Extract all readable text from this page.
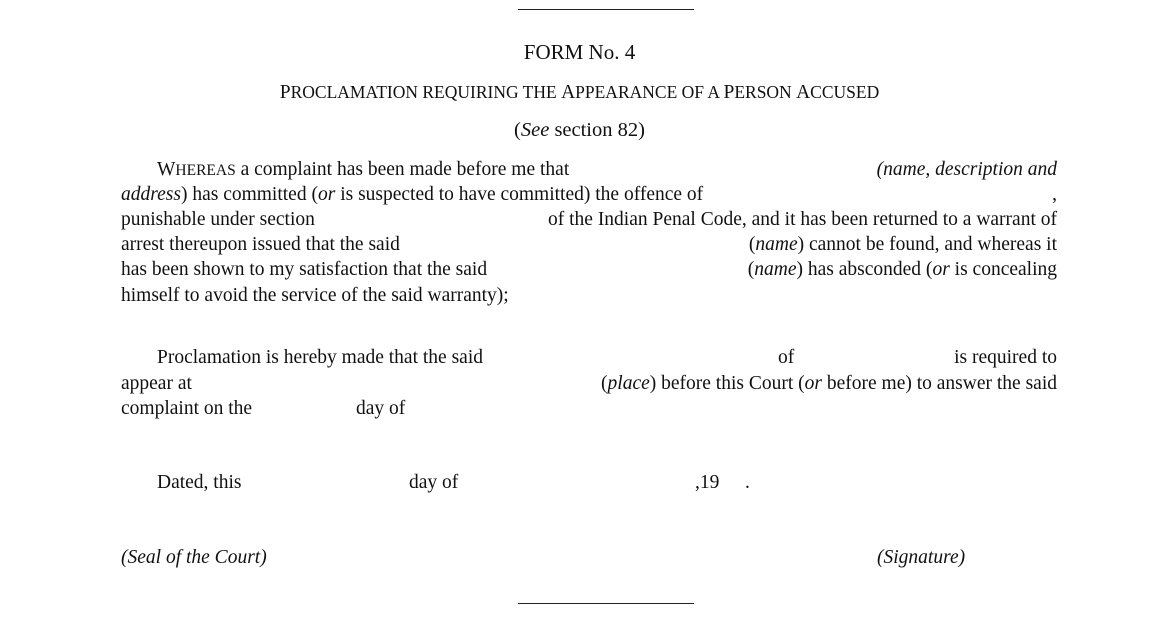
FORM No. 4
PROCLAMATION REQUIRING THE APPEARANCE OF A PERSON ACCUSED
(See section 82)
WHEREAS a complaint has been made before me that	(name, description and
address) has committed (or is suspected to have committed) the offence of	,
punishable under section	of the Indian Penal Code, and it has been returned to a warrant of
arrest thereupon issued that the said	(name) cannot be found, and whereas it
has been shown to my satisfaction that the said	(name) has absconded (or is concealing
himself to avoid the service of the said warranty);
Proclamation is hereby made that the said	of	is required to
appear at	(place) before this Court (or before me) to answer the said
complaint on the	day of
Dated, this	day of	,19 .
(Seal of the Court)	(Signature)
